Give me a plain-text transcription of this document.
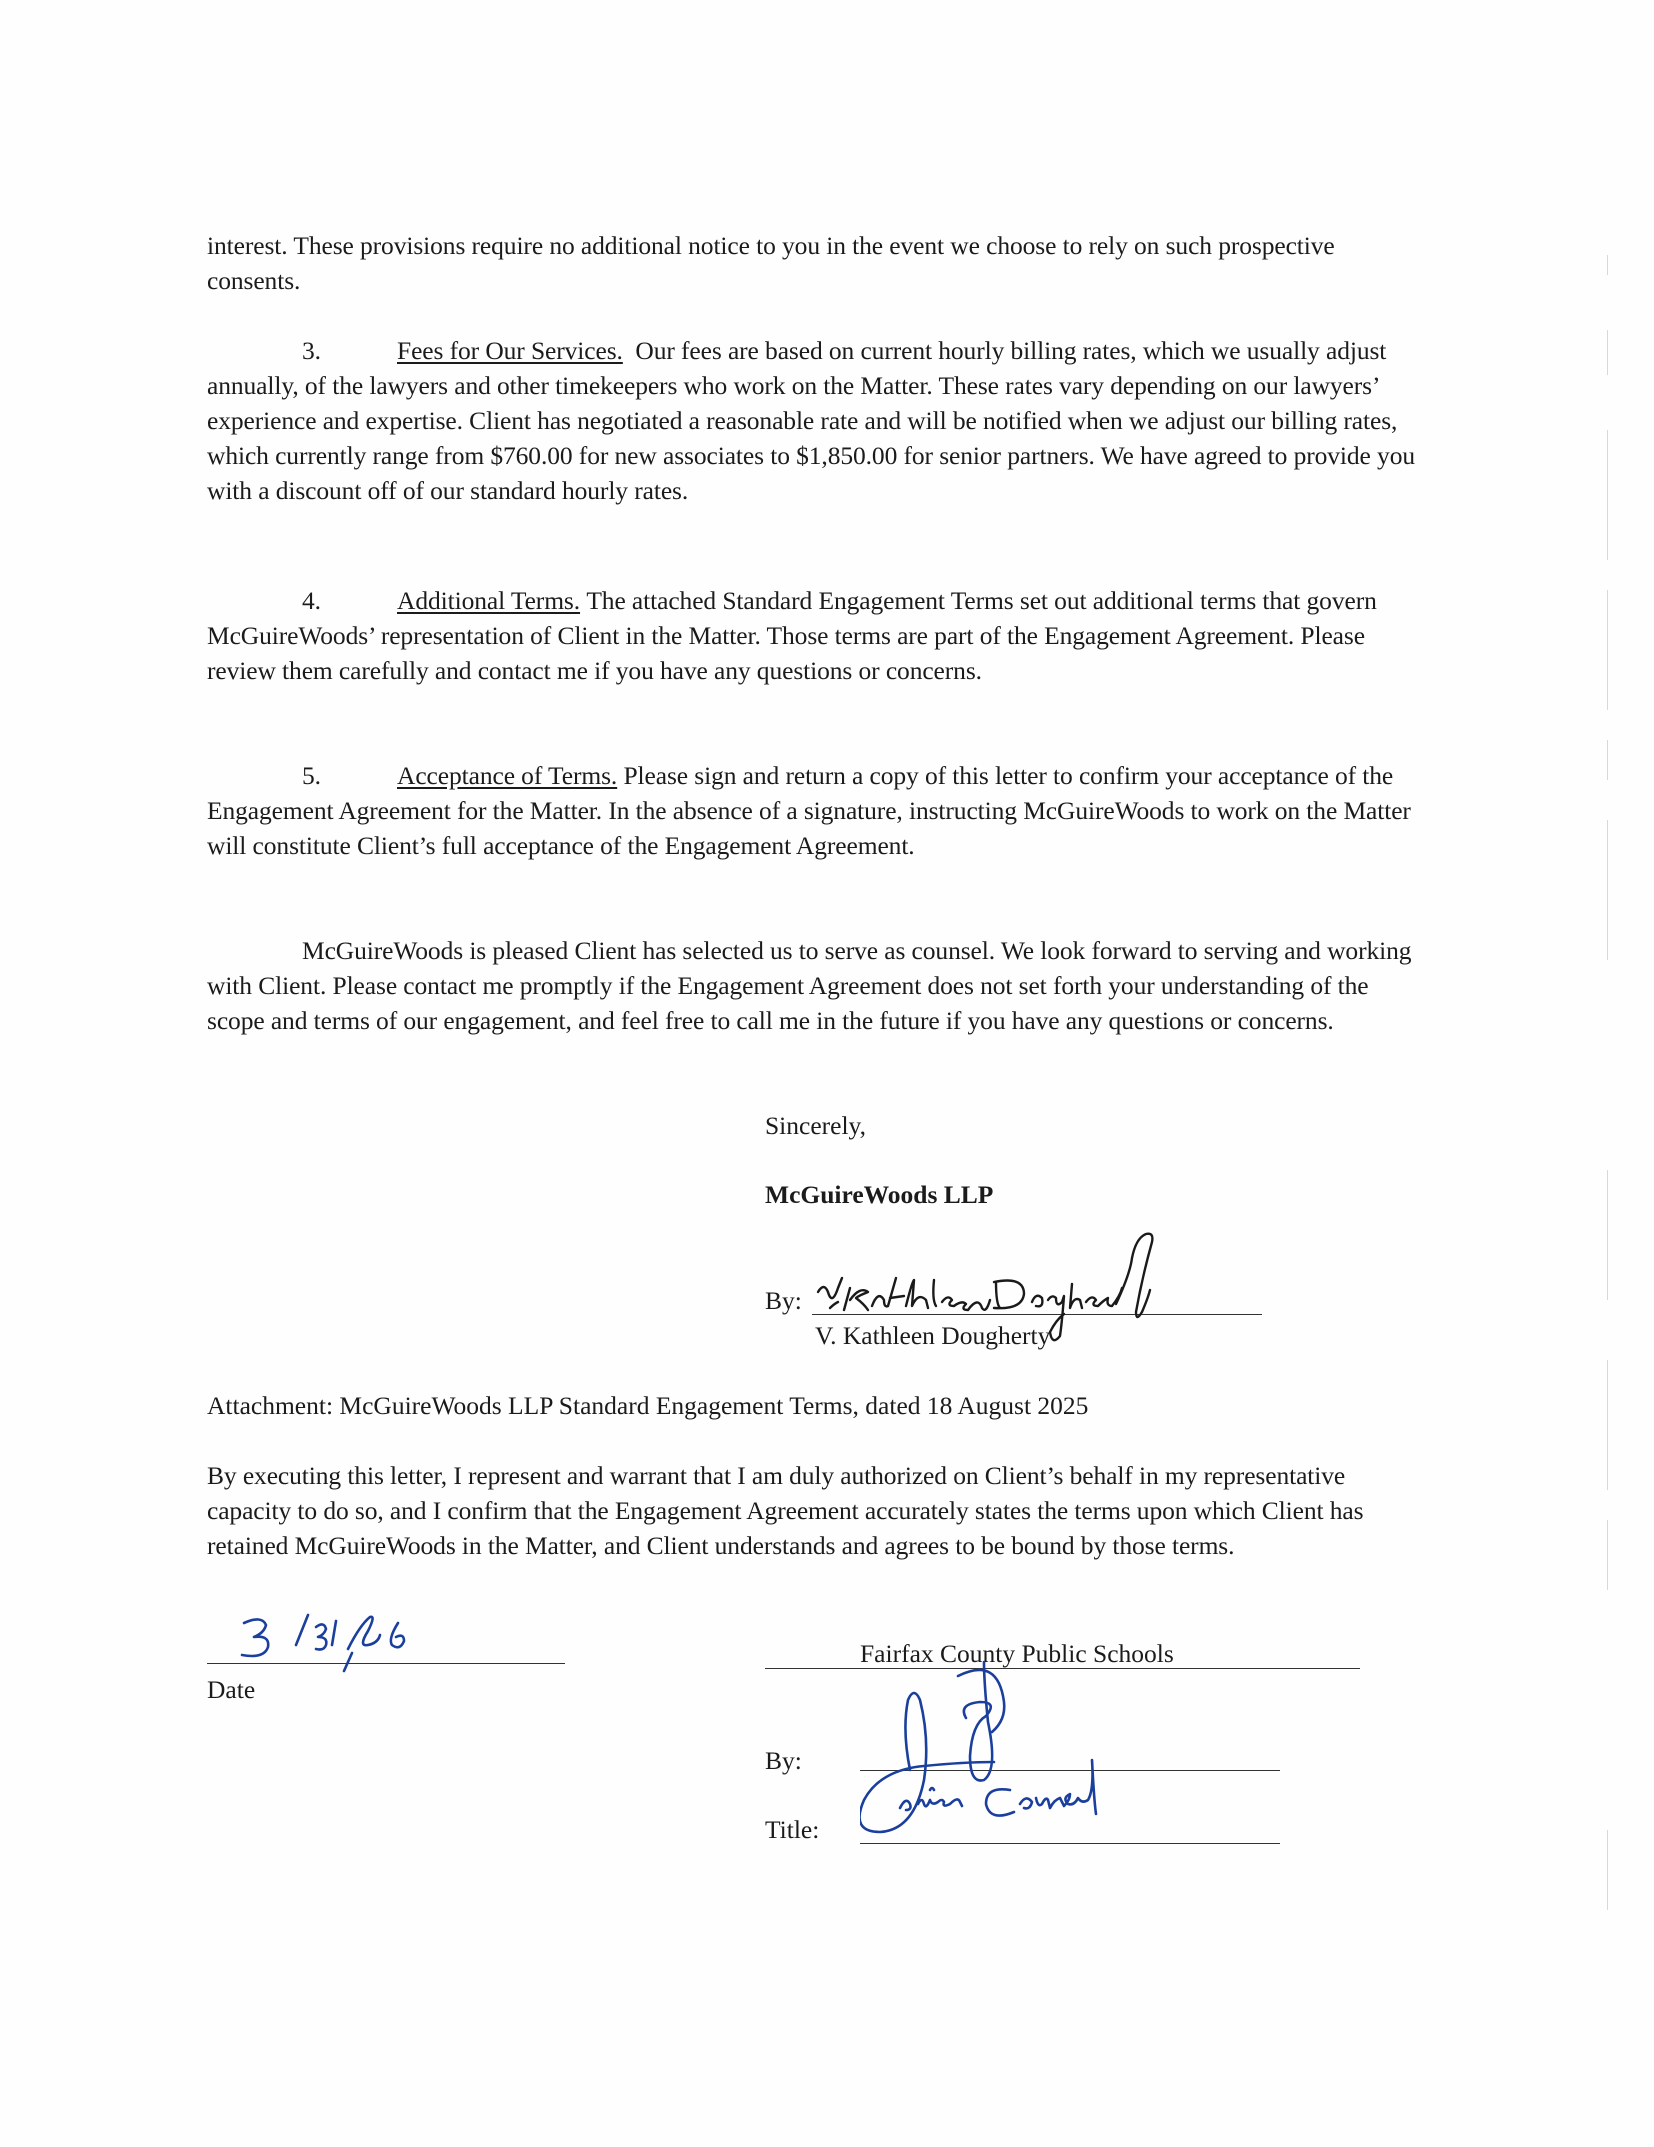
interest. These provisions require no additional notice to you in the event we choose to rely on such prospective consents.

3.	Fees for Our Services. Our fees are based on current hourly billing rates, which we usually adjust annually, of the lawyers and other timekeepers who work on the Matter. These rates vary depending on our lawyers’ experience and expertise. Client has negotiated a reasonable rate and will be notified when we adjust our billing rates, which currently range from $760.00 for new associates to $1,850.00 for senior partners. We have agreed to provide you with a discount off of our standard hourly rates.

4.	Additional Terms. The attached Standard Engagement Terms set out additional terms that govern McGuireWoods’ representation of Client in the Matter. Those terms are part of the Engagement Agreement. Please review them carefully and contact me if you have any questions or concerns.

5.	Acceptance of Terms. Please sign and return a copy of this letter to confirm your acceptance of the Engagement Agreement for the Matter. In the absence of a signature, instructing McGuireWoods to work on the Matter will constitute Client’s full acceptance of the Engagement Agreement.

McGuireWoods is pleased Client has selected us to serve as counsel. We look forward to serving and working with Client. Please contact me promptly if the Engagement Agreement does not set forth your understanding of the scope and terms of our engagement, and feel free to call me in the future if you have any questions or concerns.

Sincerely,
McGuireWoods LLP
By:
V. Kathleen Dougherty
Attachment: McGuireWoods LLP Standard Engagement Terms, dated 18 August 2025

By executing this letter, I represent and warrant that I am duly authorized on Client’s behalf in my representative capacity to do so, and I confirm that the Engagement Agreement accurately states the terms upon which Client has retained McGuireWoods in the Matter, and Client understands and agrees to be bound by those terms.

Date
Fairfax County Public Schools
By:
Title:
